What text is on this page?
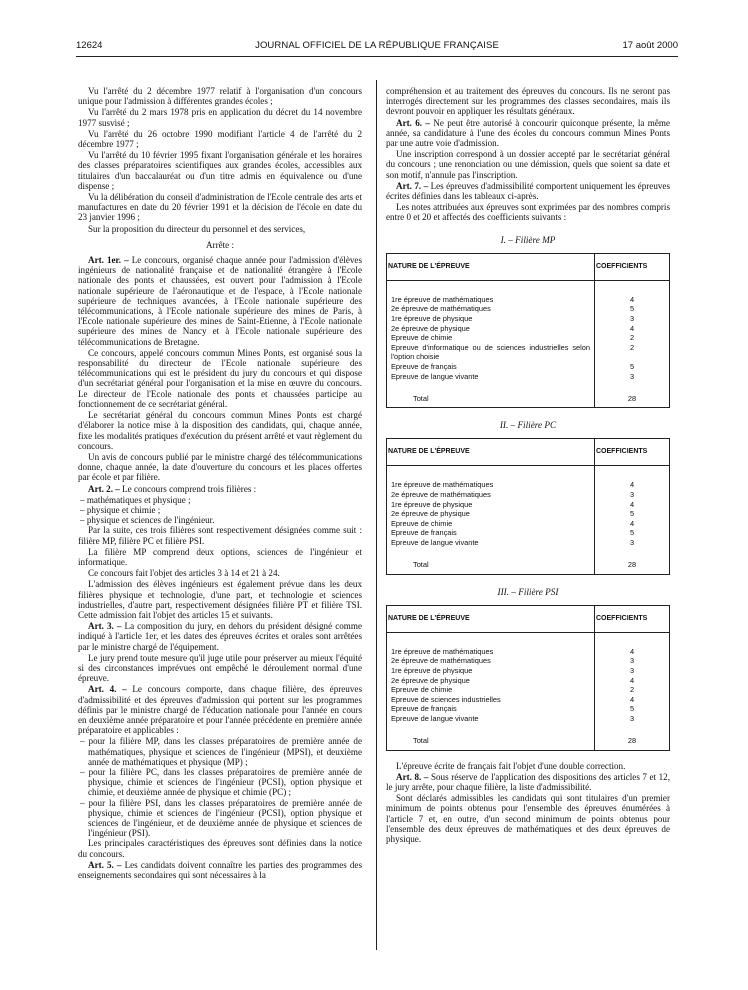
12624	JOURNAL OFFICIEL DE LA RÉPUBLIQUE FRANÇAISE	17 août 2000

Vu l'arrêté du 2 décembre 1977 relatif à l'organisation d'un concours unique pour l'admission à différentes grandes écoles ;

Vu l'arrêté du 2 mars 1978 pris en application du décret du 14 novembre 1977 susvisé ;

Vu l'arrêté du 26 octobre 1990 modifiant l'article 4 de l'arrêté du 2 décembre 1977 ;

Vu l'arrêté du 10 février 1995 fixant l'organisation générale et les horaires des classes préparatoires scientifiques aux grandes écoles, accessibles aux titulaires d'un baccalauréat ou d'un titre admis en équivalence ou d'une dispense ;

Vu la délibération du conseil d'administration de l'Ecole centrale des arts et manufactures en date du 20 février 1991 et la décision de l'école en date du 23 janvier 1996 ;

Sur la proposition du directeur du personnel et des services,

Arrête :

Art. 1er. – Le concours, organisé chaque année pour l'admission d'élèves ingénieurs de nationalité française et de nationalité étrangère à l'Ecole nationale des ponts et chaussées, est ouvert pour l'admission à l'Ecole nationale supérieure de l'aéronautique et de l'espace, à l'Ecole nationale supérieure de techniques avancées, à l'Ecole nationale supérieure des télécommunications, à l'Ecole nationale supérieure des mines de Paris, à l'Ecole nationale supérieure des mines de Saint-Etienne, à l'Ecole nationale supérieure des mines de Nancy et à l'Ecole nationale supérieure des télécommunications de Bretagne.

Ce concours, appelé concours commun Mines Ponts, est organisé sous la responsabilité du directeur de l'Ecole nationale supérieure des télécommunications qui est le président du jury du concours et qui dispose d'un secrétariat général pour l'organisation et la mise en œuvre du concours. Le directeur de l'Ecole nationale des ponts et chaussées participe au fonctionnement de ce secrétariat général.

Le secrétariat général du concours commun Mines Ponts est chargé d'élaborer la notice mise à la disposition des candidats, qui, chaque année, fixe les modalités pratiques d'exécution du présent arrêté et vaut règlement du concours.

Un avis de concours publié par le ministre chargé des télécommunications donne, chaque année, la date d'ouverture du concours et les places offertes par école et par filière.

Art. 2. – Le concours comprend trois filières :

– mathématiques et physique ;
– physique et chimie ;
– physique et sciences de l'ingénieur.

Par la suite, ces trois filières sont respectivement désignées comme suit : filière MP, filière PC et filière PSI.

La filière MP comprend deux options, sciences de l'ingénieur et informatique.

Ce concours fait l'objet des articles 3 à 14 et 21 à 24.

L'admission des élèves ingénieurs est également prévue dans les deux filières physique et technologie, d'une part, et technologie et sciences industrielles, d'autre part, respectivement désignées filière PT et filière TSI. Cette admission fait l'objet des articles 15 et suivants.

Art. 3. – La composition du jury, en dehors du président désigné comme indiqué à l'article 1er, et les dates des épreuves écrites et orales sont arrêtées par le ministre chargé de l'équipement.

Le jury prend toute mesure qu'il juge utile pour préserver au mieux l'équité si des circonstances imprévues ont empêché le déroulement normal d'une épreuve.

Art. 4. – Le concours comporte, dans chaque filière, des épreuves d'admissibilité et des épreuves d'admission qui portent sur les programmes définis par le ministre chargé de l'éducation nationale pour l'année en cours en deuxième année préparatoire et pour l'année précédente en première année préparatoire et applicables :

– pour la filière MP, dans les classes préparatoires de première année de mathématiques, physique et sciences de l'ingénieur (MPSI), et deuxième année de mathématiques et physique (MP) ;
– pour la filière PC, dans les classes préparatoires de première année de physique, chimie et sciences de l'ingénieur (PCSI), option physique et chimie, et deuxième année de physique et chimie (PC) ;
– pour la filière PSI, dans les classes préparatoires de première année de physique, chimie et sciences de l'ingénieur (PCSI), option physique et sciences de l'ingénieur, et de deuxième année de physique et sciences de l'ingénieur (PSI).

Les principales caractéristiques des épreuves sont définies dans la notice du concours.

Art. 5. – Les candidats doivent connaître les parties des programmes des enseignements secondaires qui sont nécessaires à la

compréhension et au traitement des épreuves du concours. Ils ne seront pas interrogés directement sur les programmes des classes secondaires, mais ils devront pouvoir en appliquer les résultats généraux.

Art. 6. – Ne peut être autorisé à concourir quiconque présente, la même année, sa candidature à l'une des écoles du concours commun Mines Ponts par une autre voie d'admission.

Une inscription correspond à un dossier accepté par le secrétariat général du concours ; une renonciation ou une démission, quels que soient sa date et son motif, n'annule pas l'inscription.

Art. 7. – Les épreuves d'admissibilité comportent uniquement les épreuves écrites définies dans les tableaux ci-après.

Les notes attribuées aux épreuves sont exprimées par des nombres compris entre 0 et 20 et affectés des coefficients suivants :

I. – Filière MP
NATURE DE L'ÉPREUVE	COEFFICIENTS

1re épreuve de mathématiques	4
2e épreuve de mathématiques	5
1re épreuve de physique	3
2e épreuve de physique	4
Epreuve de chimie	2
Epreuve d'informatique ou de sciences industrielles selon l'option choisie	2
Epreuve de français	5
Epreuve de langue vivante	3
Total	28
II. – Filière PC
NATURE DE L'ÉPREUVE	COEFFICIENTS

1re épreuve de mathématiques	4
2e épreuve de mathématiques	3
1re épreuve de physique	4
2e épreuve de physique	5
Epreuve de chimie	4
Epreuve de français	5
Epreuve de langue vivante	3
Total	28
III. – Filière PSI
NATURE DE L'ÉPREUVE	COEFFICIENTS

1re épreuve de mathématiques	4
2e épreuve de mathématiques	3
1re épreuve de physique	3
2e épreuve de physique	4
Epreuve de chimie	2
Epreuve de sciences industrielles	4
Epreuve de français	5
Epreuve de langue vivante	3
Total	28

L'épreuve écrite de français fait l'objet d'une double correction.

Art. 8. – Sous réserve de l'application des dispositions des articles 7 et 12, le jury arrête, pour chaque filière, la liste d'admissibilité.

Sont déclarés admissibles les candidats qui sont titulaires d'un premier minimum de points obtenus pour l'ensemble des épreuves énumérées à l'article 7 et, en outre, d'un second minimum de points obtenus pour l'ensemble des deux épreuves de mathématiques et des deux épreuves de physique.
